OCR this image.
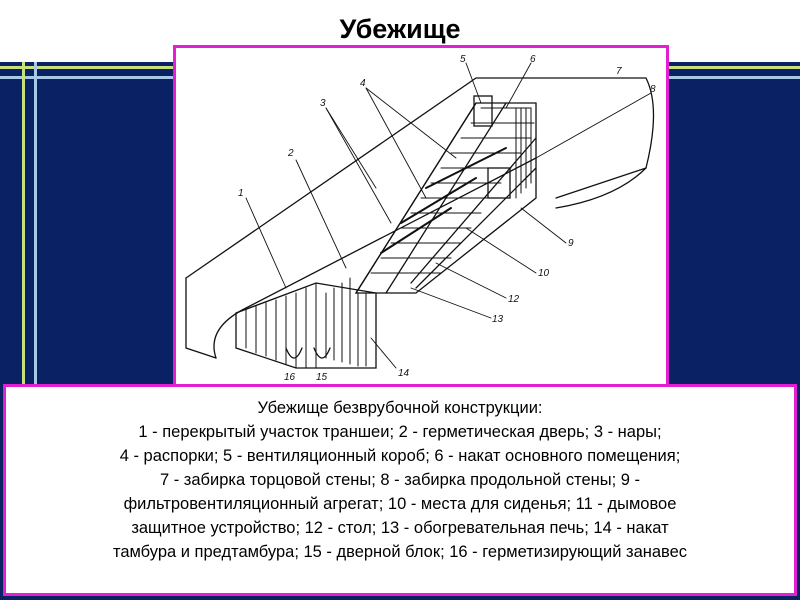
Убежище
1
2
3
4
5	6
7
8
9
10
12
13
14
15
16
Убежище безврубочной конструкции:
1 - перекрытый участок траншеи; 2 - герметическая дверь; 3 - нары;
4 - распорки; 5 - вентиляционный короб; 6 - накат основного помещения;
7 - забирка торцовой стены; 8 - забирка продольной стены; 9 -
фильтровентиляционный агрегат; 10 - места для сиденья; 11 - дымовое
защитное устройство; 12 - стол; 13 - обогревательная печь; 14 - накат
тамбура и предтамбура; 15 - дверной блок; 16 - герметизирующий занавес
